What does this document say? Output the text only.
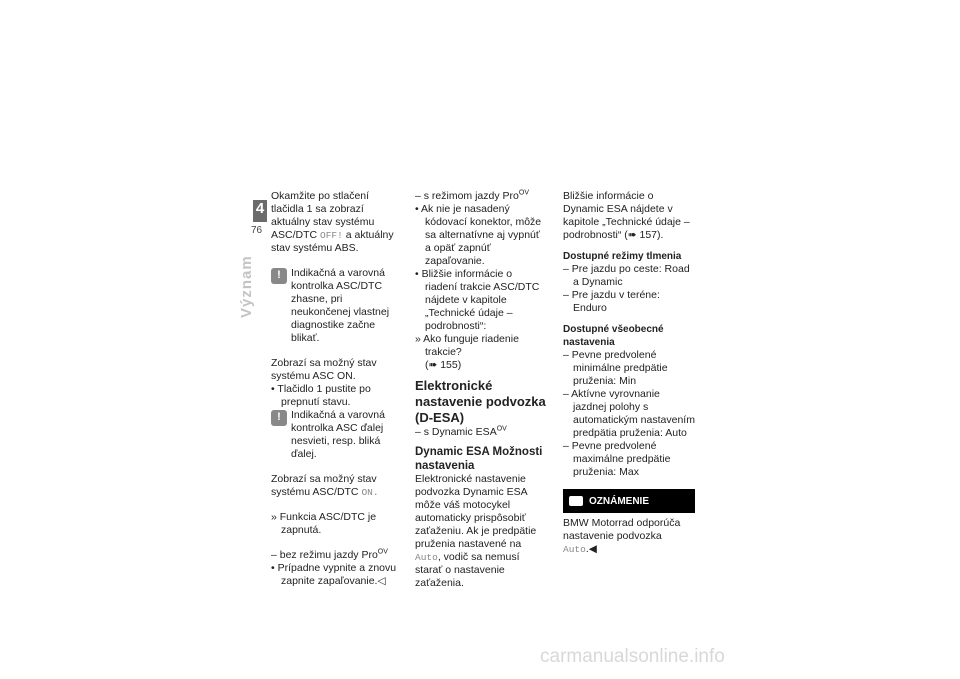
4
76
Význam

Okamžite po stlačení tlačidla 1 sa zobrazí aktuálny stav systému ASC/DTC OFF! a aktuálny stav systému ABS.

!

Indikačná a varovná kontrolka ASC/DTC zhasne, pri neukončenej vlastnej diagnostike začne blikať.

Zobrazí sa možný stav systému ASC ON.

• Tlačidlo 1 pustite po prepnutí stavu.

!

Indikačná a varovná kontrolka ASC ďalej nesvieti, resp. bliká ďalej.

Zobrazí sa možný stav systému ASC/DTC ON.

» Funkcia ASC/DTC je zapnutá.

– bez režimu jazdy Pro$^{OV}$

• Prípadne vypnite a znovu zapnite zapaľovanie.◁

– s režimom jazdy Pro$^{OV}$

• Ak nie je nasadený kódovací konektor, môže sa alternatívne aj vypnúť a opäť zapnúť zapaľovanie.

• Bližšie informácie o riadení trakcie ASC/DTC nájdete v kapitole „Technické údaje – podrobnosti“:

» Ako funguje riadenie trakcie?

(➠ 155)

Elektronické nastavenie podvozka (D-ESA)

– s Dynamic $ESA^{OV}$

Dynamic ESA Možnosti nastavenia

Elektronické nastavenie podvozka Dynamic ESA môže váš motocykel automaticky prispôsobiť zaťaženiu. Ak je predpätie pruženia nastavené na Auto, vodič sa nemusí starať o nastavenie zaťaženia.

Bližšie informácie o Dynamic ESA nájdete v kapitole „Technické údaje – podrobnosti“ (➠ 157).

Dostupné režimy tlmenia

– Pre jazdu po ceste: Road a Dynamic

– Pre jazdu v teréne: Enduro

Dostupné všeobecné nastavenia

– Pevne predvolené minimálne predpätie pruženia: Min

– Aktívne vyrovnanie jazdnej polohy s automatickým nastavením predpätia pruženia: Auto

– Pevne predvolené maximálne predpätie pruženia: Max

OZNÁMENIE

BMW Motorrad odporúča nastavenie podvozka Auto.◀

carmanualsonline.info
